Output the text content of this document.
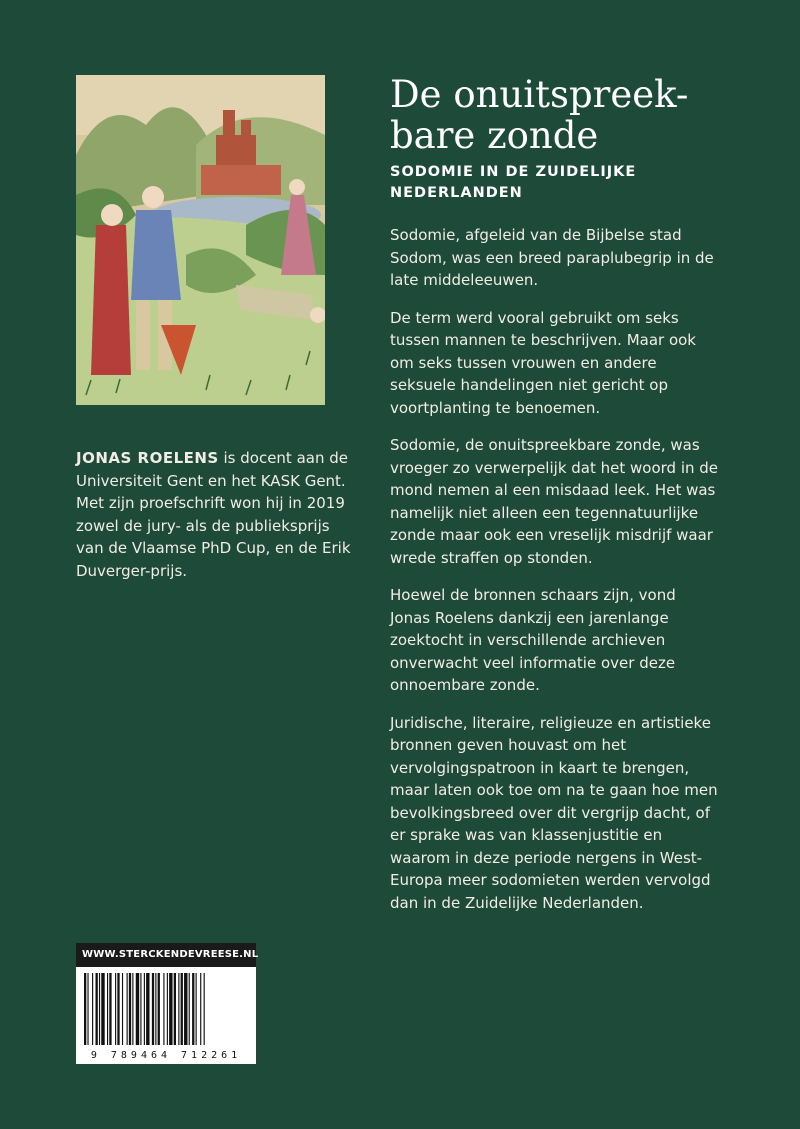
De onuitspreek-
bare zonde
SODOMIE IN DE ZUIDELIJKE
NEDERLANDEN
JONAS ROELENS is docent aan de Universiteit Gent en het KASK Gent. Met zijn proefschrift won hij in 2019 zowel de jury- als de publieksprijs van de Vlaamse PhD Cup, en de Erik Duverger-prijs.

Sodomie, afgeleid van de Bijbelse stad Sodom, was een breed paraplubegrip in de late middeleeuwen.

De term werd vooral gebruikt om seks tussen mannen te beschrijven. Maar ook om seks tussen vrouwen en andere seksuele handelingen niet gericht op voortplanting te benoemen.

Sodomie, de onuitspreekbare zonde, was vroeger zo verwerpelijk dat het woord in de mond nemen al een misdaad leek. Het was namelijk niet alleen een tegennatuurlijke zonde maar ook een vreselijk misdrijf waar wrede straffen op stonden.

Hoewel de bronnen schaars zijn, vond Jonas Roelens dankzij een jarenlange zoektocht in verschillende archieven onverwacht veel informatie over deze onnoembare zonde.

Juridische, literaire, religieuze en artistieke bronnen geven houvast om het vervolgingspatroon in kaart te brengen, maar laten ook toe om na te gaan hoe men bevolkingsbreed over dit vergrijp dacht, of er sprake was van klassenjustitie en waarom in deze periode nergens in West-Europa meer sodomieten werden vervolgd dan in de Zuidelijke Nederlanden.

WWW.STERCKENDEVREESE.NL
9 789464 712261
